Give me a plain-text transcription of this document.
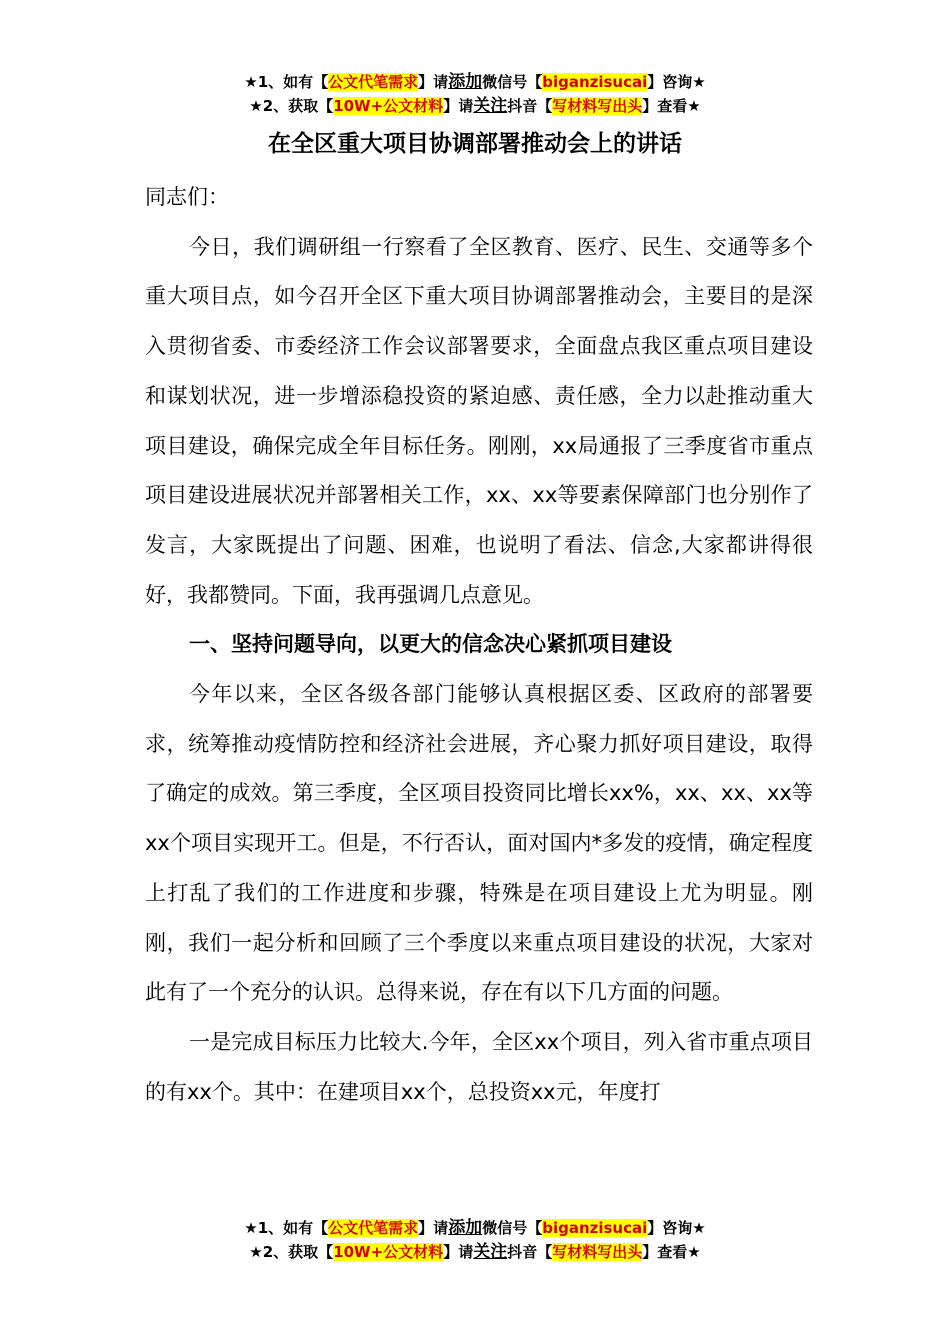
★1、如有【公文代笔需求】请添加微信号【biganzisucai】咨询★
★2、获取【10W+公文材料】请关注抖音【写材料写出头】查看★
在全区重大项目协调部署推动会上的讲话

同志们：

今日，我们调研组一行察看了全区教育、医疗、民生、交通等多个重大项目点，如今召开全区下重大项目协调部署推动会，主要目的是深入贯彻省委、市委经济工作会议部署要求，全面盘点我区重点项目建设和谋划状况，进一步增添稳投资的紧迫感、责任感，全力以赴推动重大项目建设，确保完成全年目标任务。刚刚，xx局通报了三季度省市重点项目建设进展状况并部署相关工作，xx、xx等要素保障部门也分别作了发言，大家既提出了问题、困难，也说明了看法、信念,大家都讲得很好，我都赞同。下面，我再强调几点意见。

一、坚持问题导向，以更大的信念决心紧抓项目建设

今年以来，全区各级各部门能够认真根据区委、区政府的部署要求，统筹推动疫情防控和经济社会进展，齐心聚力抓好项目建设，取得了确定的成效。第三季度，全区项目投资同比增长xx%，xx、xx、xx等xx个项目实现开工。但是，不行否认，面对国内*多发的疫情，确定程度上打乱了我们的工作进度和步骤，特殊是在项目建设上尤为明显。刚刚，我们一起分析和回顾了三个季度以来重点项目建设的状况，大家对此有了一个充分的认识。总得来说，存在有以下几方面的问题。

一是完成目标压力比较大.今年，全区xx个项目，列入省市重点项目的有xx个。其中：在建项目xx个，总投资xx元，年度打

★1、如有【公文代笔需求】请添加微信号【biganzisucai】咨询★
★2、获取【10W+公文材料】请关注抖音【写材料写出头】查看★
